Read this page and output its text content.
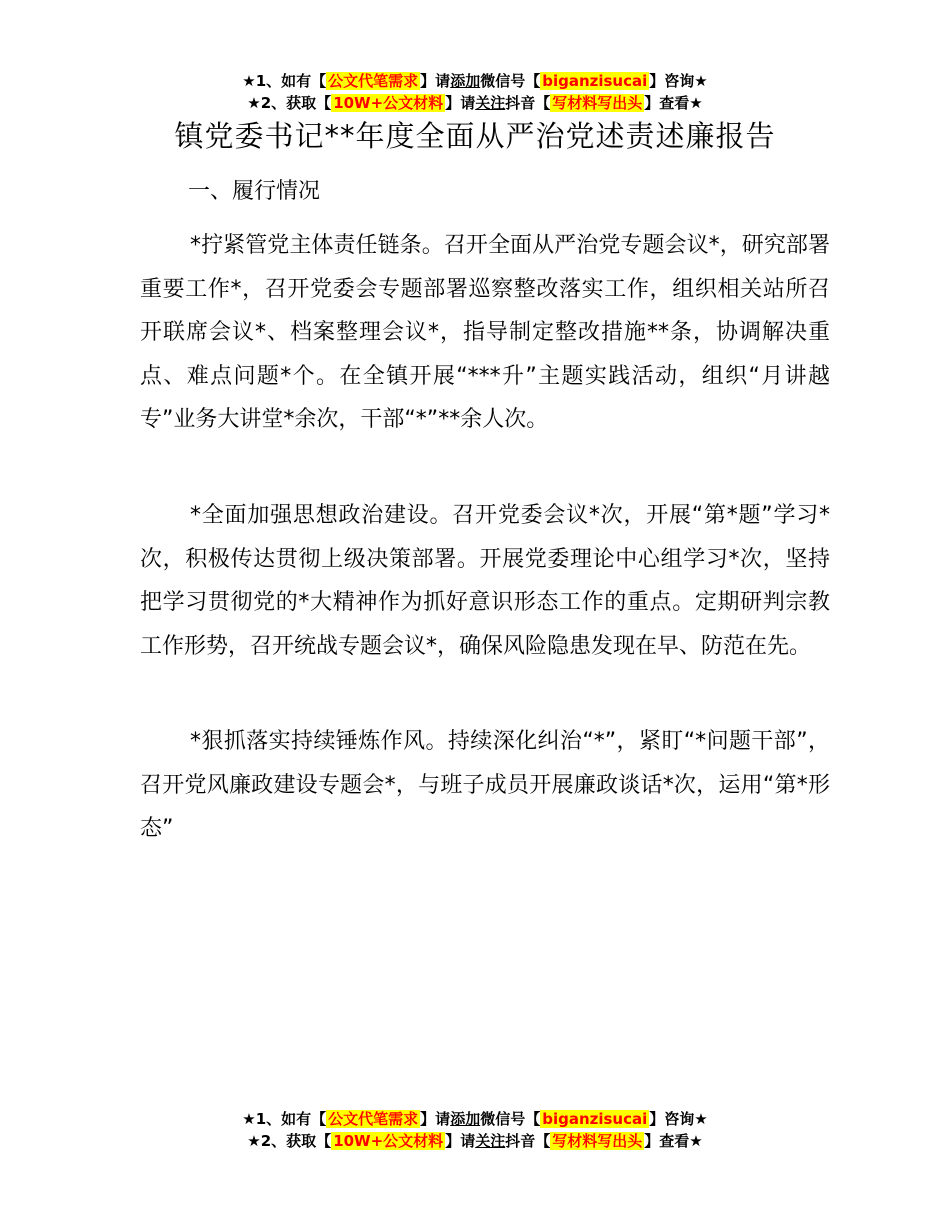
★1、如有【 公文代笔需求 】请添加微信号【 biganzisucai 】咨询★
★2、获取【 10W+公文材料 】请关注抖音【 写材料写出头 】查看★
镇党委书记**年度全面从严治党述责述廉报告
一、履行情况

*拧紧管党主体责任链条。召开全面从严治党专题会议*，研究部署重要工作*，召开党委会专题部署巡察整改落实工作，组织相关站所召开联席会议*、档案整理会议*，指导制定整改措施**条，协调解决重点、难点问题*个。在全镇开展“***升”主题实践活动，组织“月讲越专”业务大讲堂*余次，干部“*”**余人次。

*全面加强思想政治建设。召开党委会议*次，开展“第*题”学习*次，积极传达贯彻上级决策部署。开展党委理论中心组学习*次，坚持把学习贯彻党的*大精神作为抓好意识形态工作的重点。定期研判宗教工作形势，召开统战专题会议*，确保风险隐患发现在早、防范在先。

*狠抓落实持续锤炼作风。持续深化纠治“*”，紧盯“*问题干部”，召开党风廉政建设专题会*，与班子成员开展廉政谈话*次，运用“第*形态”

★1、如有【 公文代笔需求 】请添加微信号【 biganzisucai 】咨询★
★2、获取【 10W+公文材料 】请关注抖音【 写材料写出头 】查看★
